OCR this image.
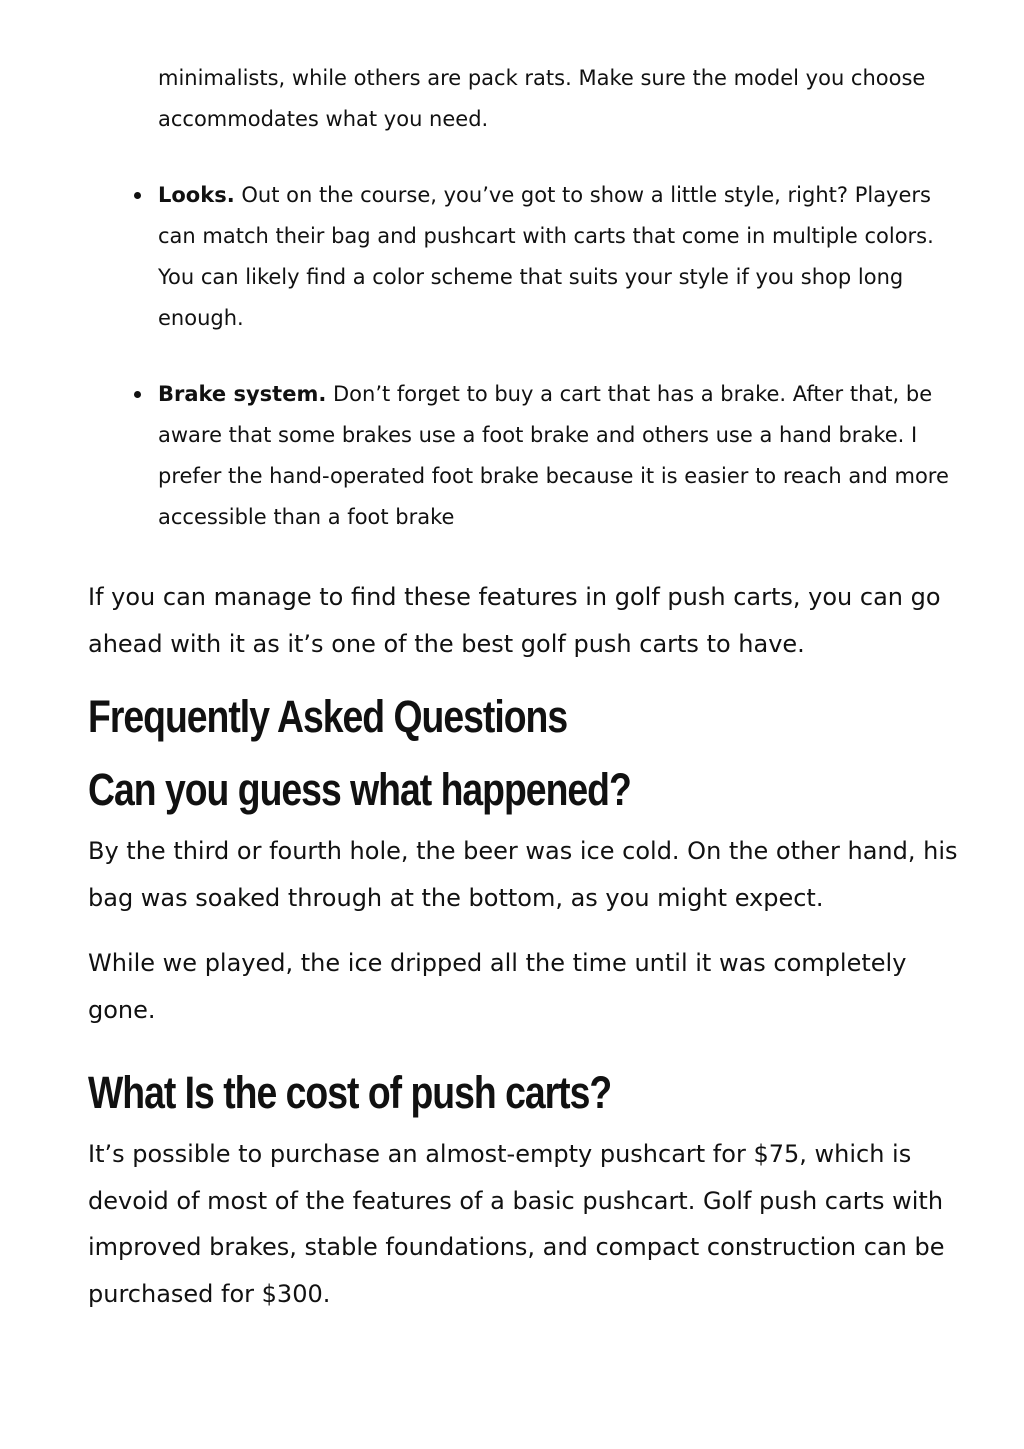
minimalists, while others are pack rats. Make sure the model you choose accommodates what you need.

Looks. Out on the course, you’ve got to show a little style, right? Players can match their bag and pushcart with carts that come in multiple colors. You can likely find a color scheme that suits your style if you shop long enough.
Brake system. Don’t forget to buy a cart that has a brake. After that, be aware that some brakes use a foot brake and others use a hand brake. I prefer the hand-operated foot brake because it is easier to reach and more accessible than a foot brake

If you can manage to find these features in golf push carts, you can go ahead with it as it’s one of the best golf push carts to have.

Frequently Asked Questions
Can you guess what happened?

By the third or fourth hole, the beer was ice cold. On the other hand, his bag was soaked through at the bottom, as you might expect.

While we played, the ice dripped all the time until it was completely gone.

What Is the cost of push carts?

It’s possible to purchase an almost-empty pushcart for $75, which is devoid of most of the features of a basic pushcart. Golf push carts with improved brakes, stable foundations, and compact construction can be purchased for $300.
